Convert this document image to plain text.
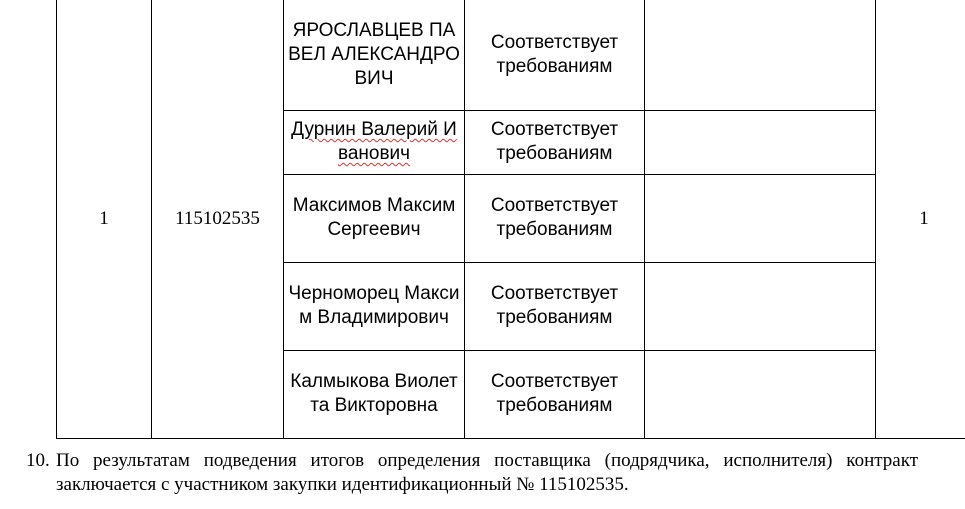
1	115102535	ЯРОСЛАВЦЕВ ПАВЕЛ АЛЕКСАНДРОВИЧ	Соответствует требованиям		1

		Дурнин Валерий Иванович	Соответствует требованиям		

		Максимов Максим Сергеевич	Соответствует требованиям		

		Черноморец Максим Владимирович	Соответствует требованиям		

		Калмыкова Виолетта Викторовна	Соответствует требованиям		

10. По результатам подведения итогов определения поставщика (подрядчика, исполнителя) контракт заключается с участником закупки идентификационный № 115102535.
